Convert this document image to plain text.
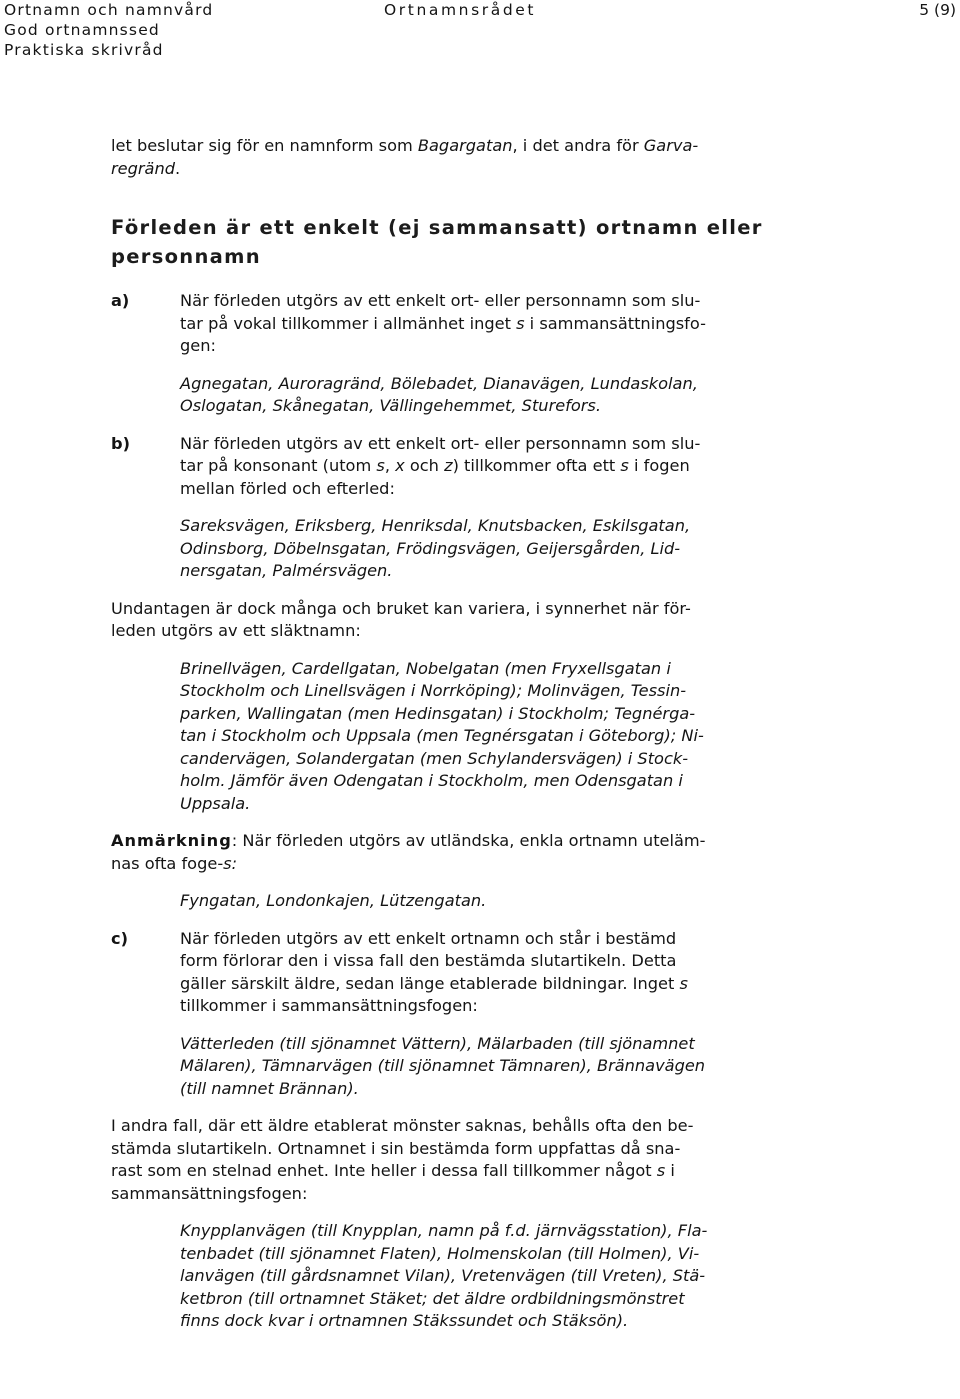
Ortnamn och namnvård
God ortnamnssed
Praktiska skrivråd
Ortnamnsrådet	5 (9)

let beslutar sig för en namnform som Bagargatan, i det andra för Garva-
regränd.

Förleden är ett enkelt (ej sammansatt) ortnamn eller
personnamn
a)	När förleden utgörs av ett enkelt ort- eller personnamn som slu-
tar på vokal tillkommer i allmänhet inget s i sammansättningsfo-
gen:

Agnegatan, Auroragränd, Bölebadet, Dianavägen, Lundaskolan,
Oslogatan, Skånegatan, Vällingehemmet, Sturefors.

b)	När förleden utgörs av ett enkelt ort- eller personnamn som slu-
tar på konsonant (utom s, x och z) tillkommer ofta ett s i fogen
mellan förled och efterled:

Sareksvägen, Eriksberg, Henriksdal, Knutsbacken, Eskilsgatan,
Odinsborg, Döbelnsgatan, Frödingsvägen, Geijersgården, Lid-
nersgatan, Palmérsvägen.

Undantagen är dock många och bruket kan variera, i synnerhet när för-
leden utgörs av ett släktnamn:

Brinellvägen, Cardellgatan, Nobelgatan (men Fryxellsgatan i
Stockholm och Linellsvägen i Norrköping); Molinvägen, Tessin-
parken, Wallingatan (men Hedinsgatan) i Stockholm; Tegnérga-
tan i Stockholm och Uppsala (men Tegnérsgatan i Göteborg); Ni-
candervägen, Solandergatan (men Schylandersvägen) i Stock-
holm. Jämför även Odengatan i Stockholm, men Odensgatan i
Uppsala.

Anmärkning: När förleden utgörs av utländska, enkla ortnamn uteläm-
nas ofta foge-s:

Fyngatan, Londonkajen, Lützengatan.

c)	När förleden utgörs av ett enkelt ortnamn och står i bestämd
form förlorar den i vissa fall den bestämda slutartikeln. Detta
gäller särskilt äldre, sedan länge etablerade bildningar. Inget s
tillkommer i sammansättningsfogen:

Vätterleden (till sjönamnet Vättern), Mälarbaden (till sjönamnet
Mälaren), Tämnarvägen (till sjönamnet Tämnaren), Brännavägen
(till namnet Brännan).

I andra fall, där ett äldre etablerat mönster saknas, behålls ofta den be-
stämda slutartikeln. Ortnamnet i sin bestämda form uppfattas då sna-
rast som en stelnad enhet. Inte heller i dessa fall tillkommer något s i
sammansättningsfogen:

Knypplanvägen (till Knypplan, namn på f.d. järnvägsstation), Fla-
tenbadet (till sjönamnet Flaten), Holmenskolan (till Holmen), Vi-
lanvägen (till gårdsnamnet Vilan), Vretenvägen (till Vreten), Stä-
ketbron (till ortnamnet Stäket; det äldre ordbildningsmönstret
finns dock kvar i ortnamnen Stäkssundet och Stäksön).
